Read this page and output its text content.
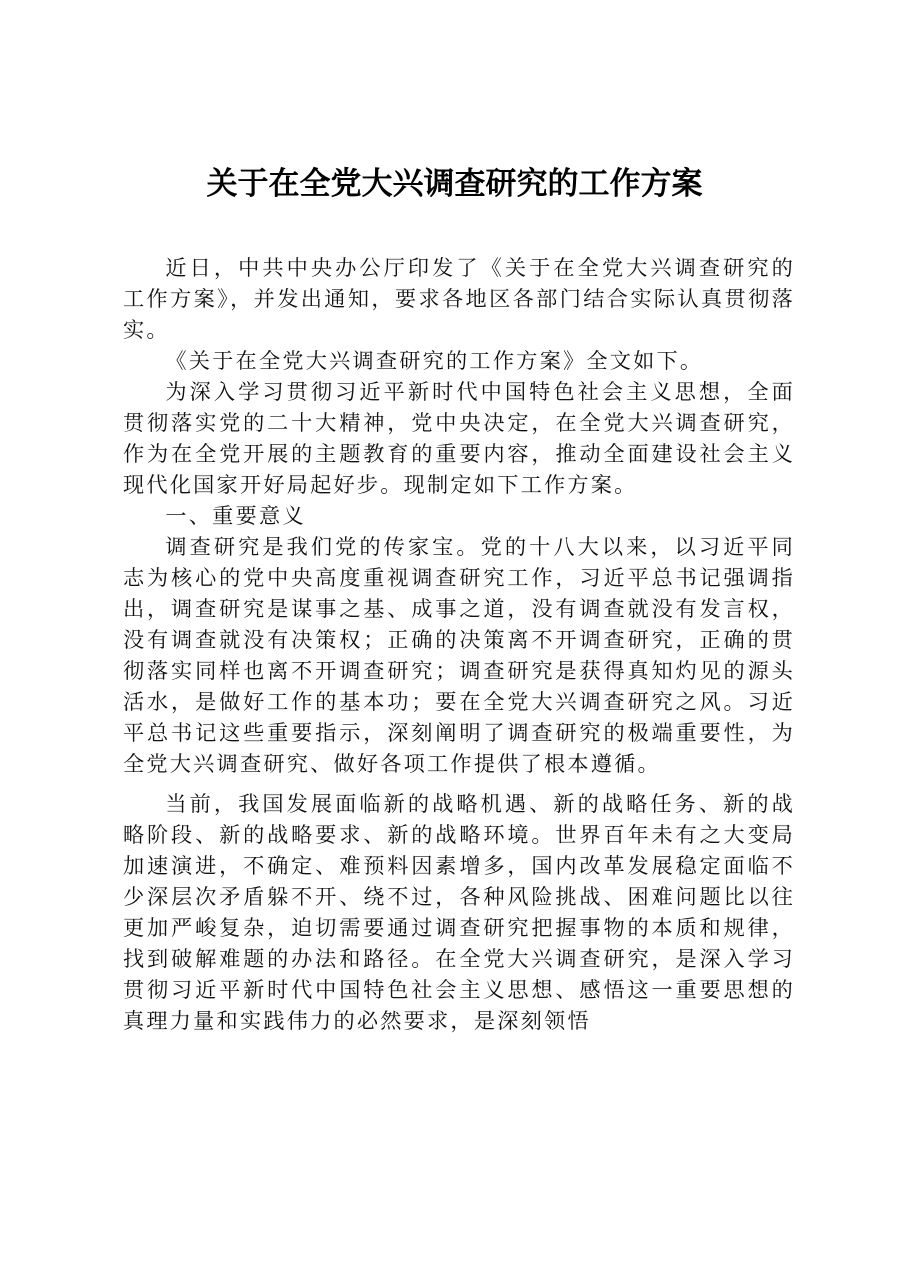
关于在全党大兴调查研究的工作方案

近日，中共中央办公厅印发了《关于在全党大兴调查研究的工作方案》，并发出通知，要求各地区各部门结合实际认真贯彻落实。

《关于在全党大兴调查研究的工作方案》全文如下。

为深入学习贯彻习近平新时代中国特色社会主义思想，全面贯彻落实党的二十大精神，党中央决定，在全党大兴调查研究，作为在全党开展的主题教育的重要内容，推动全面建设社会主义现代化国家开好局起好步。现制定如下工作方案。

一、重要意义

调查研究是我们党的传家宝。党的十八大以来，以习近平同志为核心的党中央高度重视调查研究工作，习近平总书记强调指出，调查研究是谋事之基、成事之道，没有调查就没有发言权，没有调查就没有决策权；正确的决策离不开调查研究，正确的贯彻落实同样也离不开调查研究；调查研究是获得真知灼见的源头活水，是做好工作的基本功；要在全党大兴调查研究之风。习近平总书记这些重要指示，深刻阐明了调查研究的极端重要性，为全党大兴调查研究、做好各项工作提供了根本遵循。

当前，我国发展面临新的战略机遇、新的战略任务、新的战略阶段、新的战略要求、新的战略环境。世界百年未有之大变局加速演进，不确定、难预料因素增多，国内改革发展稳定面临不少深层次矛盾躲不开、绕不过，各种风险挑战、困难问题比以往更加严峻复杂，迫切需要通过调查研究把握事物的本质和规律，找到破解难题的办法和路径。在全党大兴调查研究，是深入学习贯彻习近平新时代中国特色社会主义思想、感悟这一重要思想的真理力量和实践伟力的必然要求，是深刻领悟
